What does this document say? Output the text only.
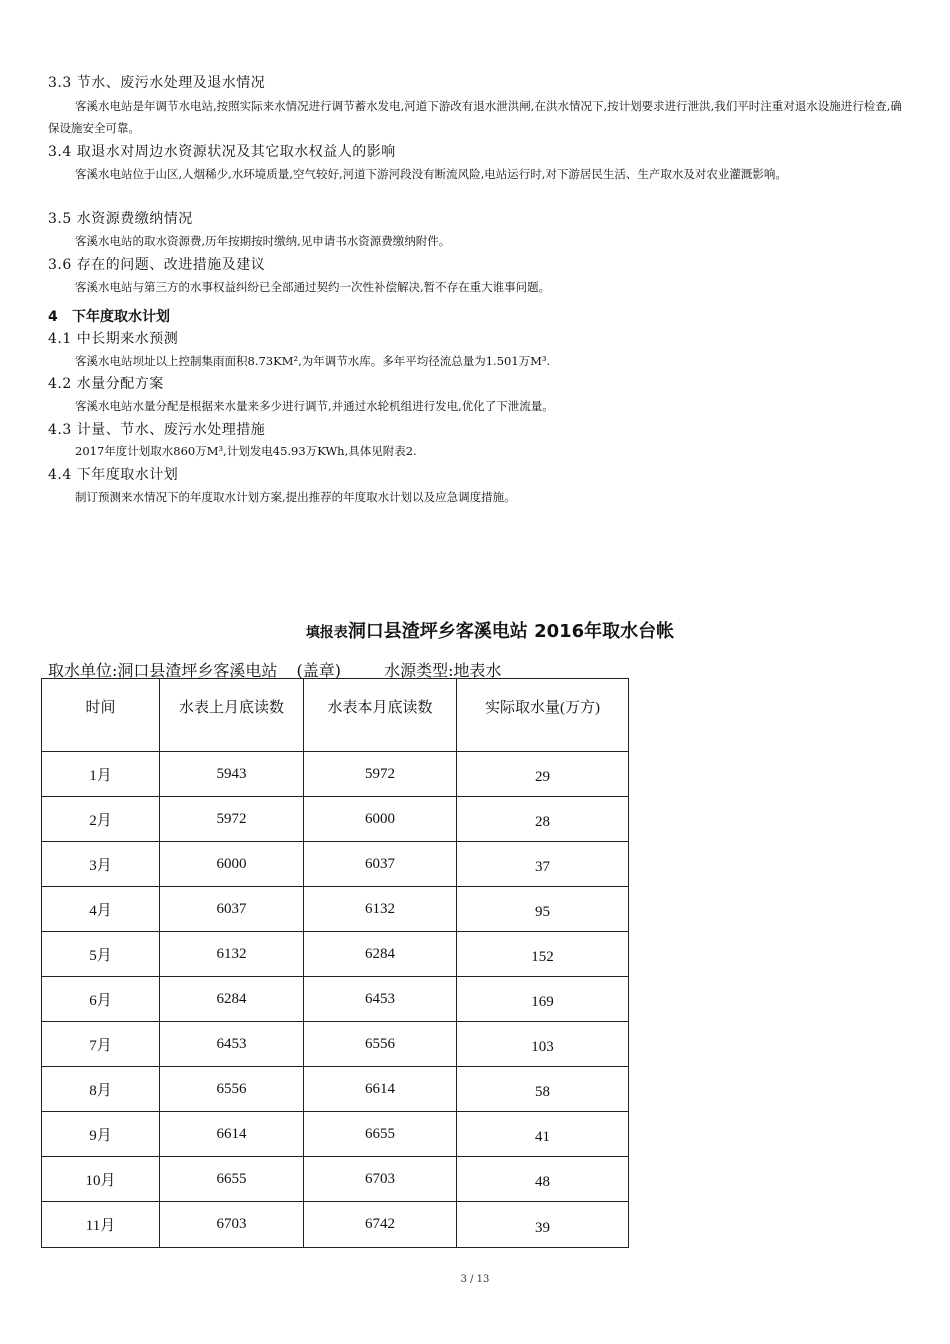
3.3 节水、废污水处理及退水情况
客溪水电站是年调节水电站,按照实际来水情况进行调节蓄水发电,河道下游改有退水泄洪闸,在洪水情况下,按计划要求进行泄洪,我们平时注重对退水设施进行检查,确保设施安全可靠。
3.4 取退水对周边水资源状况及其它取水权益人的影响
客溪水电站位于山区,人烟稀少,水环境质量,空气较好,河道下游河段没有断流风险,电站运行时,对下游居民生活、生产取水及对农业灌溉影响。
3.5 水资源费缴纳情况
客溪水电站的取水资源费,历年按期按时缴纳,见申请书水资源费缴纳附件。
3.6 存在的问题、改进措施及建议
客溪水电站与第三方的水事权益纠纷已全部通过契约一次性补偿解决,暂不存在重大谁事问题。
4 下年度取水计划
4.1 中长期来水预测
客溪水电站坝址以上控制集雨面积8.73KM²,为年调节水库。多年平均径流总量为1.501万M³.
4.2 水量分配方案
客溪水电站水量分配是根据来水量来多少进行调节,并通过水轮机组进行发电,优化了下泄流量。
4.3 计量、节水、废污水处理措施
2017年度计划取水860万M³,计划发电45.93万KWh,具体见附表2.
4.4 下年度取水计划
制订预测来水情况下的年度取水计划方案,提出推荐的年度取水计划以及应急调度措施。
填报表洞口县渣坪乡客溪电站 2016年取水台帐
取水单位:洞口县渣坪乡客溪电站 (盖章)	水源类型:地表水
时间	水表上月底读数	水表本月底读数	实际取水量(万方)
1月	5943	5972	29
2月	5972	6000	28
3月	6000	6037	37
4月	6037	6132	95
5月	6132	6284	152
6月	6284	6453	169
7月	6453	6556	103
8月	6556	6614	58
9月	6614	6655	41
10月	6655	6703	48
11月	6703	6742	39
3 / 13
